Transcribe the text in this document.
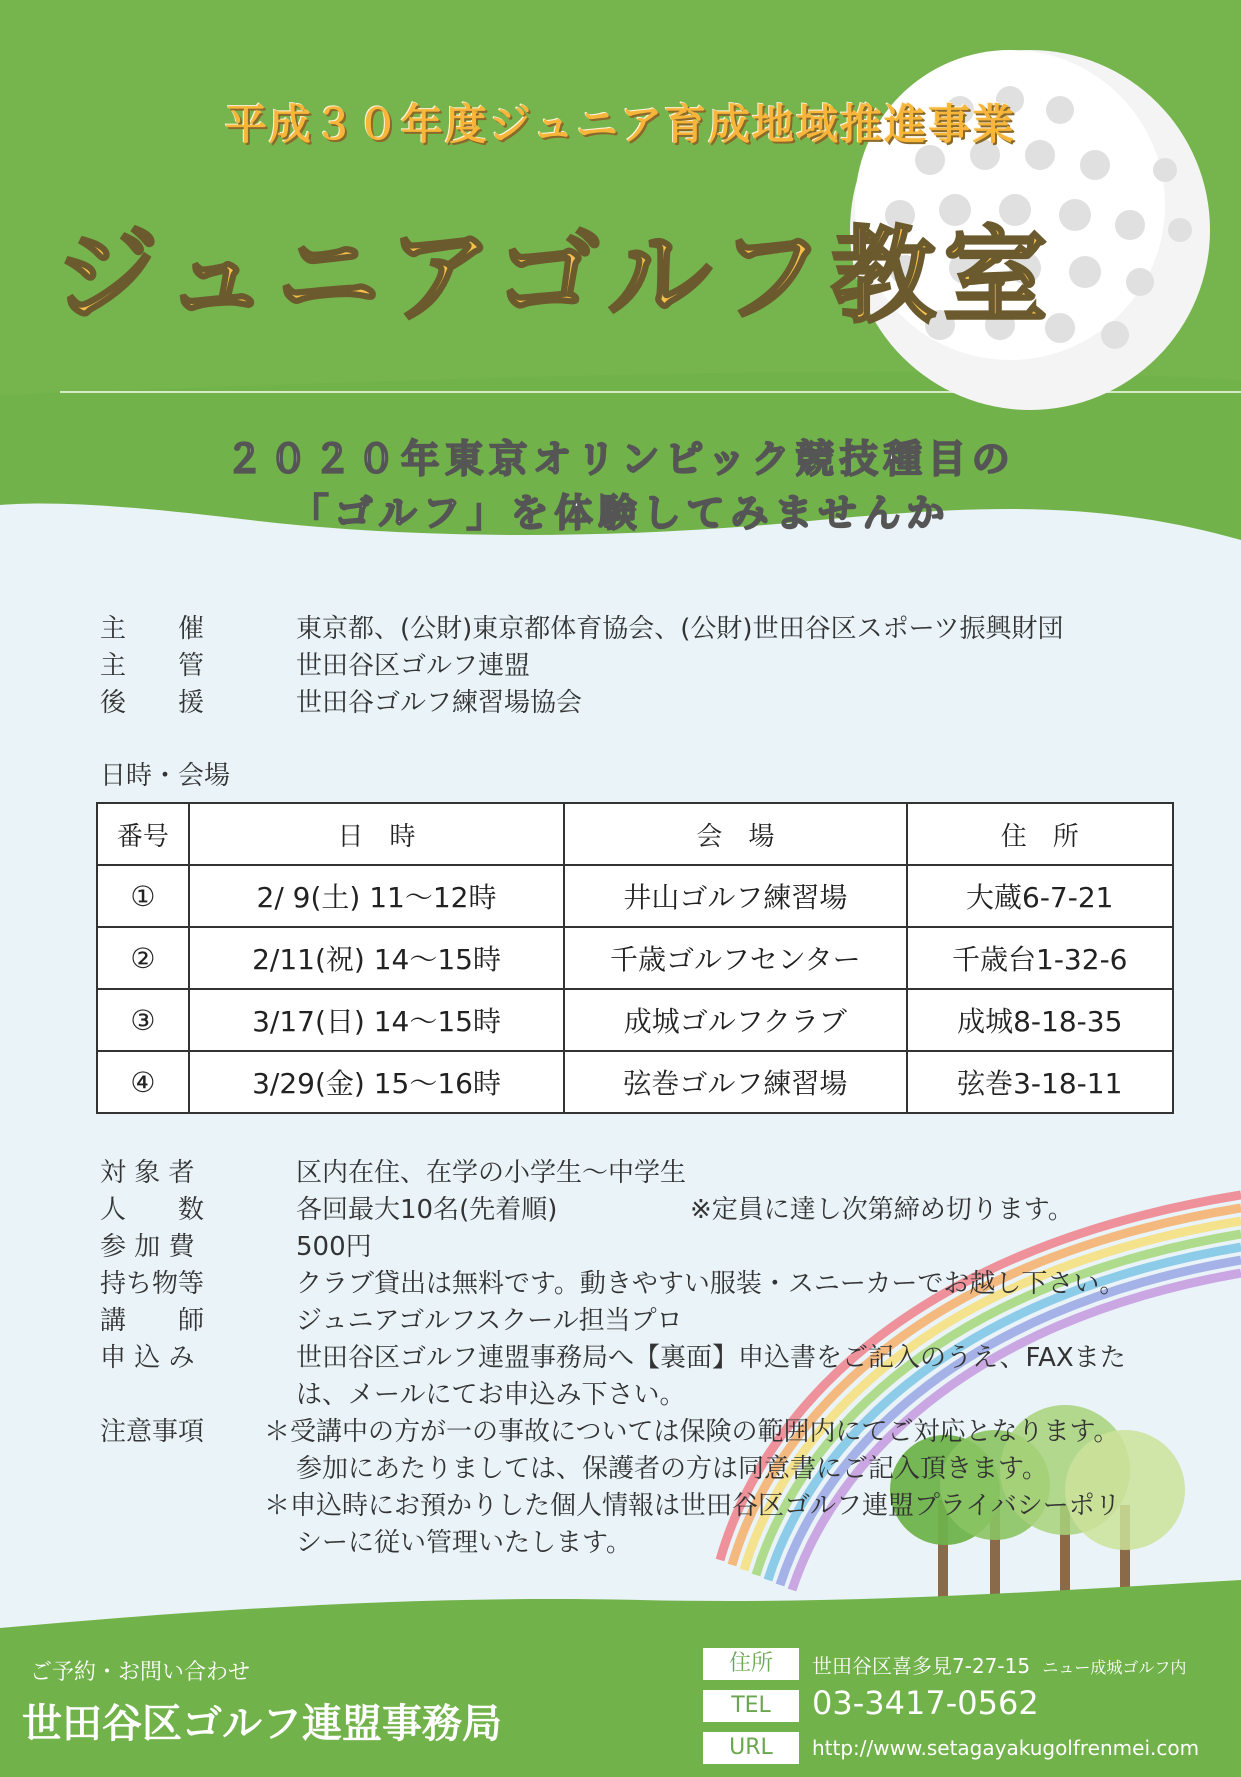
平成３０年度ジュニア育成地域推進事業
ジュニアゴルフ教室
２０２０年東京オリンピック競技種目の
「ゴルフ」を体験してみませんか
主　　催	東京都、(公財)東京都体育協会、(公財)世田谷区スポーツ振興財団
主　　管	世田谷区ゴルフ連盟
後　　援	世田谷ゴルフ練習場協会
日時・会場
番号	日　時	会　場	住　所
①	2/ 9(土) 11～12時	井山ゴルフ練習場	大蔵6-7-21
②	2/11(祝) 14～15時	千歳ゴルフセンター	千歳台1-32-6
③	3/17(日) 14～15時	成城ゴルフクラブ	成城8-18-35
④	3/29(金) 15～16時	弦巻ゴルフ練習場	弦巻3-18-11
対 象 者	区内在住、在学の小学生～中学生
人　　数	各回最大10名(先着順)	※定員に達し次第締め切ります。
参 加 費	500円
持ち物等	クラブ貸出は無料です。動きやすい服装・スニーカーでお越し下さい。
講　　師	ジュニアゴルフスクール担当プロ
申 込 み	世田谷区ゴルフ連盟事務局へ【裏面】申込書をご記入のうえ、FAXまた
は、メールにてお申込み下さい。
注意事項 ＊受講中の方が一の事故については保険の範囲内にてご対応となります。
参加にあたりましては、保護者の方は同意書にご記入頂きます。
＊申込時にお預かりした個人情報は世田谷区ゴルフ連盟プライバシーポリ
シーに従い管理いたします。
ご予約・お問い合わせ
世田谷区ゴルフ連盟事務局
住所	世田谷区喜多見7-27-15 ニュー成城ゴルフ内
TEL	03-3417-0562
URL	http://www.setagayakugolfrenmei.com
